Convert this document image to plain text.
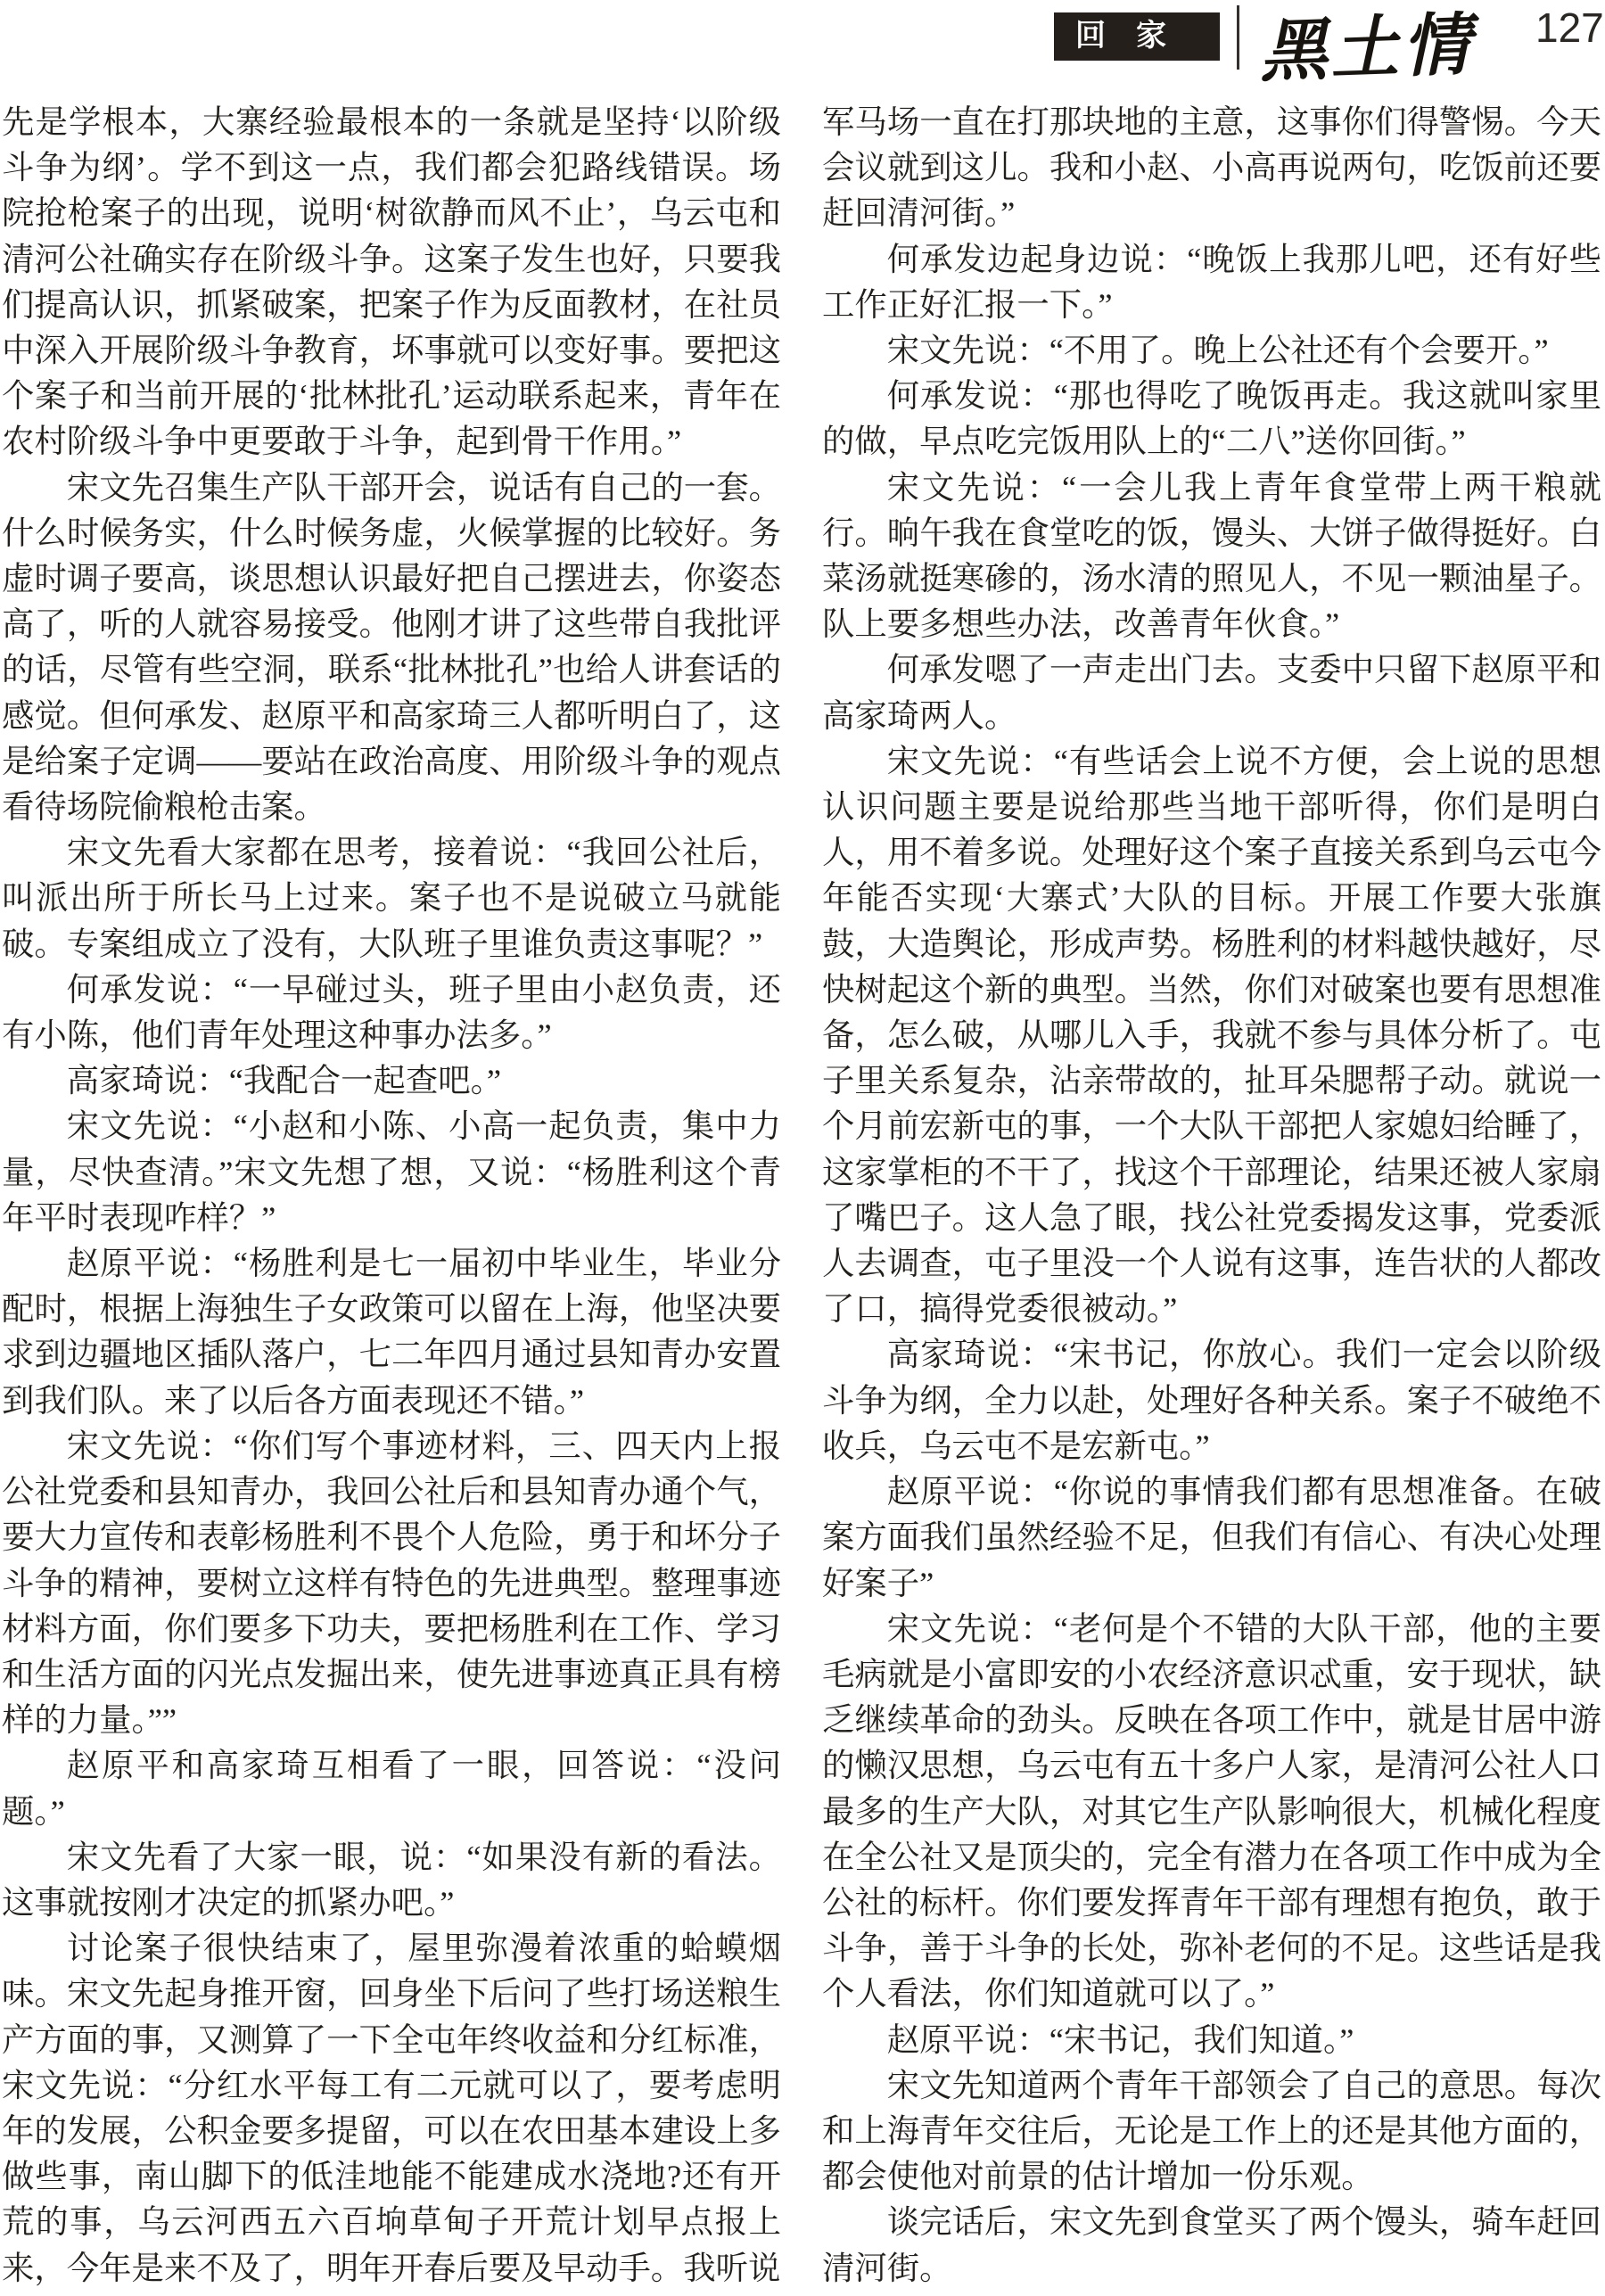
回　家 黑土情	127

先是学根本，大寨经验最根本的一条就是坚持‘以阶级斗争为纲’。学不到这一点，我们都会犯路线错误。场院抢枪案子的出现，说明‘树欲静而风不止’，乌云屯和清河公社确实存在阶级斗争。这案子发生也好，只要我们提高认识，抓紧破案，把案子作为反面教材，在社员中深入开展阶级斗争教育，坏事就可以变好事。要把这个案子和当前开展的‘批林批孔’运动联系起来，青年在农村阶级斗争中更要敢于斗争，起到骨干作用。”

宋文先召集生产队干部开会，说话有自己的一套。什么时候务实，什么时候务虚，火候掌握的比较好。务虚时调子要高，谈思想认识最好把自己摆进去，你姿态高了，听的人就容易接受。他刚才讲了这些带自我批评的话，尽管有些空洞，联系“批林批孔”也给人讲套话的感觉。但何承发、赵原平和高家琦三人都听明白了，这是给案子定调——要站在政治高度、用阶级斗争的观点看待场院偷粮枪击案。

宋文先看大家都在思考，接着说：“我回公社后，叫派出所于所长马上过来。案子也不是说破立马就能破。专案组成立了没有，大队班子里谁负责这事呢？”

何承发说：“一早碰过头，班子里由小赵负责，还有小陈，他们青年处理这种事办法多。”

高家琦说：“我配合一起查吧。”

宋文先说：“小赵和小陈、小高一起负责，集中力量，尽快查清。”宋文先想了想，又说：“杨胜利这个青年平时表现咋样？”

赵原平说：“杨胜利是七一届初中毕业生，毕业分配时，根据上海独生子女政策可以留在上海，他坚决要求到边疆地区插队落户，七二年四月通过县知青办安置到我们队。来了以后各方面表现还不错。”

宋文先说：“你们写个事迹材料，三、四天内上报公社党委和县知青办，我回公社后和县知青办通个气，要大力宣传和表彰杨胜利不畏个人危险，勇于和坏分子斗争的精神，要树立这样有特色的先进典型。整理事迹材料方面，你们要多下功夫，要把杨胜利在工作、学习和生活方面的闪光点发掘出来，使先进事迹真正具有榜样的力量。””

赵原平和高家琦互相看了一眼，回答说：“没问题。”

宋文先看了大家一眼，说：“如果没有新的看法。这事就按刚才决定的抓紧办吧。”

讨论案子很快结束了，屋里弥漫着浓重的蛤蟆烟味。宋文先起身推开窗，回身坐下后问了些打场送粮生产方面的事，又测算了一下全屯年终收益和分红标准，宋文先说：“分红水平每工有二元就可以了，要考虑明年的发展，公积金要多提留，可以在农田基本建设上多做些事，南山脚下的低洼地能不能建成水浇地?还有开荒的事，乌云河西五六百垧草甸子开荒计划早点报上来，今年是来不及了，明年开春后要及早动手。我听说

军马场一直在打那块地的主意，这事你们得警惕。今天会议就到这儿。我和小赵、小高再说两句，吃饭前还要赶回清河街。”

何承发边起身边说：“晚饭上我那儿吧，还有好些工作正好汇报一下。”

宋文先说：“不用了。晚上公社还有个会要开。”

何承发说：“那也得吃了晚饭再走。我这就叫家里的做，早点吃完饭用队上的“二八”送你回街。”

宋文先说：“一会儿我上青年食堂带上两干粮就行。晌午我在食堂吃的饭，馒头、大饼子做得挺好。白菜汤就挺寒碜的，汤水清的照见人，不见一颗油星子。队上要多想些办法，改善青年伙食。”

何承发嗯了一声走出门去。支委中只留下赵原平和高家琦两人。

宋文先说：“有些话会上说不方便，会上说的思想认识问题主要是说给那些当地干部听得，你们是明白人，用不着多说。处理好这个案子直接关系到乌云屯今年能否实现‘大寨式’大队的目标。开展工作要大张旗鼓，大造舆论，形成声势。杨胜利的材料越快越好，尽快树起这个新的典型。当然，你们对破案也要有思想准备，怎么破，从哪儿入手，我就不参与具体分析了。屯子里关系复杂，沾亲带故的，扯耳朵腮帮子动。就说一个月前宏新屯的事，一个大队干部把人家媳妇给睡了，这家掌柜的不干了，找这个干部理论，结果还被人家扇了嘴巴子。这人急了眼，找公社党委揭发这事，党委派人去调查，屯子里没一个人说有这事，连告状的人都改了口，搞得党委很被动。”

高家琦说：“宋书记，你放心。我们一定会以阶级斗争为纲，全力以赴，处理好各种关系。案子不破绝不收兵，乌云屯不是宏新屯。”

赵原平说：“你说的事情我们都有思想准备。在破案方面我们虽然经验不足，但我们有信心、有决心处理好案子”

宋文先说：“老何是个不错的大队干部，他的主要毛病就是小富即安的小农经济意识忒重，安于现状，缺乏继续革命的劲头。反映在各项工作中，就是甘居中游的懒汉思想，乌云屯有五十多户人家，是清河公社人口最多的生产大队，对其它生产队影响很大，机械化程度在全公社又是顶尖的，完全有潜力在各项工作中成为全公社的标杆。你们要发挥青年干部有理想有抱负，敢于斗争，善于斗争的长处，弥补老何的不足。这些话是我个人看法，你们知道就可以了。”

赵原平说：“宋书记，我们知道。”

宋文先知道两个青年干部领会了自己的意思。每次和上海青年交往后，无论是工作上的还是其他方面的，都会使他对前景的估计增加一份乐观。

谈完话后，宋文先到食堂买了两个馒头，骑车赶回清河街。
